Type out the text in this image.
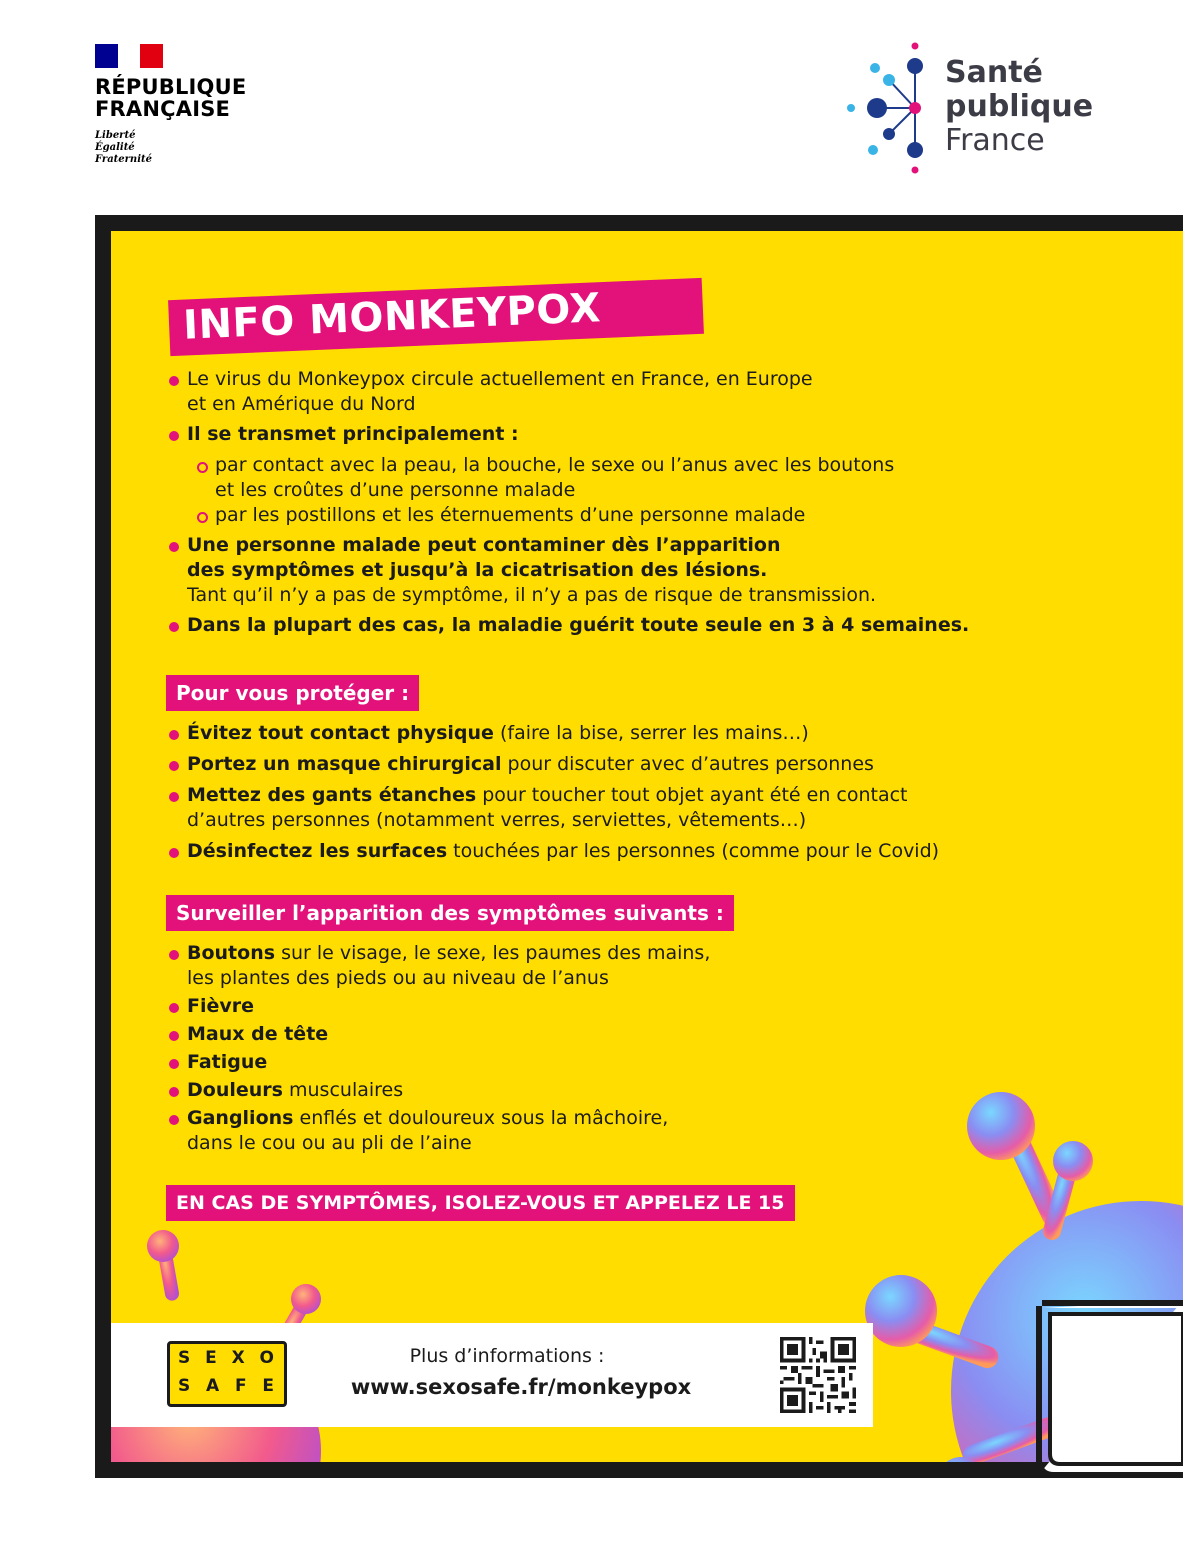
RÉPUBLIQUE
FRANÇAISE
Liberté
Égalité
Fraternité
Santé
publique
France
INFO MONKEYPOX
Le virus du Monkeypox circule actuellement en France, en Europe
et en Amérique du Nord
Il se transmet principalement :
par contact avec la peau, la bouche, le sexe ou l’anus avec les boutons
et les croûtes d’une personne malade
par les postillons et les éternuements d’une personne malade
Une personne malade peut contaminer dès l’apparition
des symptômes et jusqu’à la cicatrisation des lésions.
Tant qu’il n’y a pas de symptôme, il n’y a pas de risque de transmission.
Dans la plupart des cas, la maladie guérit toute seule en 3 à 4 semaines.
Pour vous protéger :
Évitez tout contact physique (faire la bise, serrer les mains…)
Portez un masque chirurgical pour discuter avec d’autres personnes
Mettez des gants étanches pour toucher tout objet ayant été en contact
d’autres personnes (notamment verres, serviettes, vêtements…)
Désinfectez les surfaces touchées par les personnes (comme pour le Covid)
Surveiller l’apparition des symptômes suivants :
Boutons sur le visage, le sexe, les paumes des mains,
les plantes des pieds ou au niveau de l’anus
Fièvre
Maux de tête
Fatigue
Douleurs musculaires
Ganglions enflés et douloureux sous la mâchoire,
dans le cou ou au pli de l’aine
EN CAS DE SYMPTÔMES, ISOLEZ-VOUS ET APPELEZ LE 15
S E X O
S A F E
Plus d’informations :
www.sexosafe.fr/monkeypox
